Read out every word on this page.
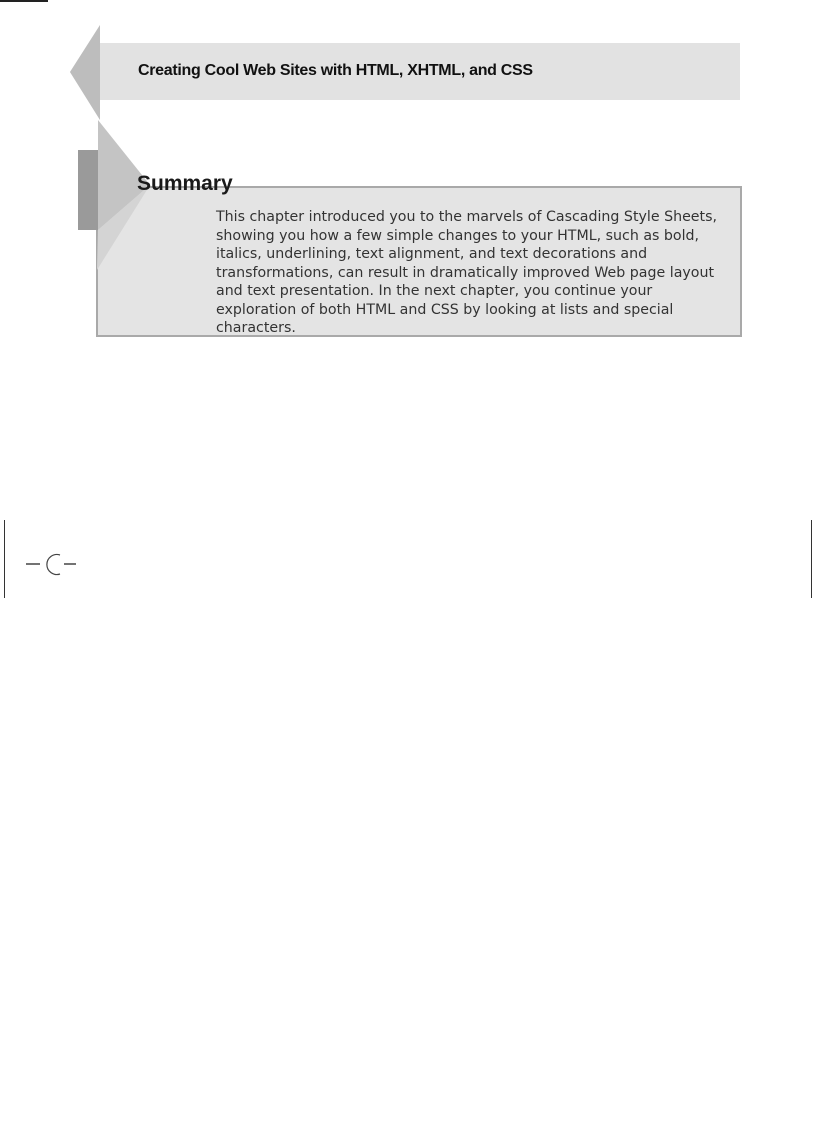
Creating Cool Web Sites with HTML, XHTML, and CSS
Summary

This chapter introduced you to the marvels of Cascading Style Sheets, showing you how a few simple changes to your HTML, such as bold, italics, underlining, text alignment, and text decorations and transformations, can result in dramatically improved Web page layout and text presentation. In the next chapter, you continue your exploration of both HTML and CSS by looking at lists and special characters.
